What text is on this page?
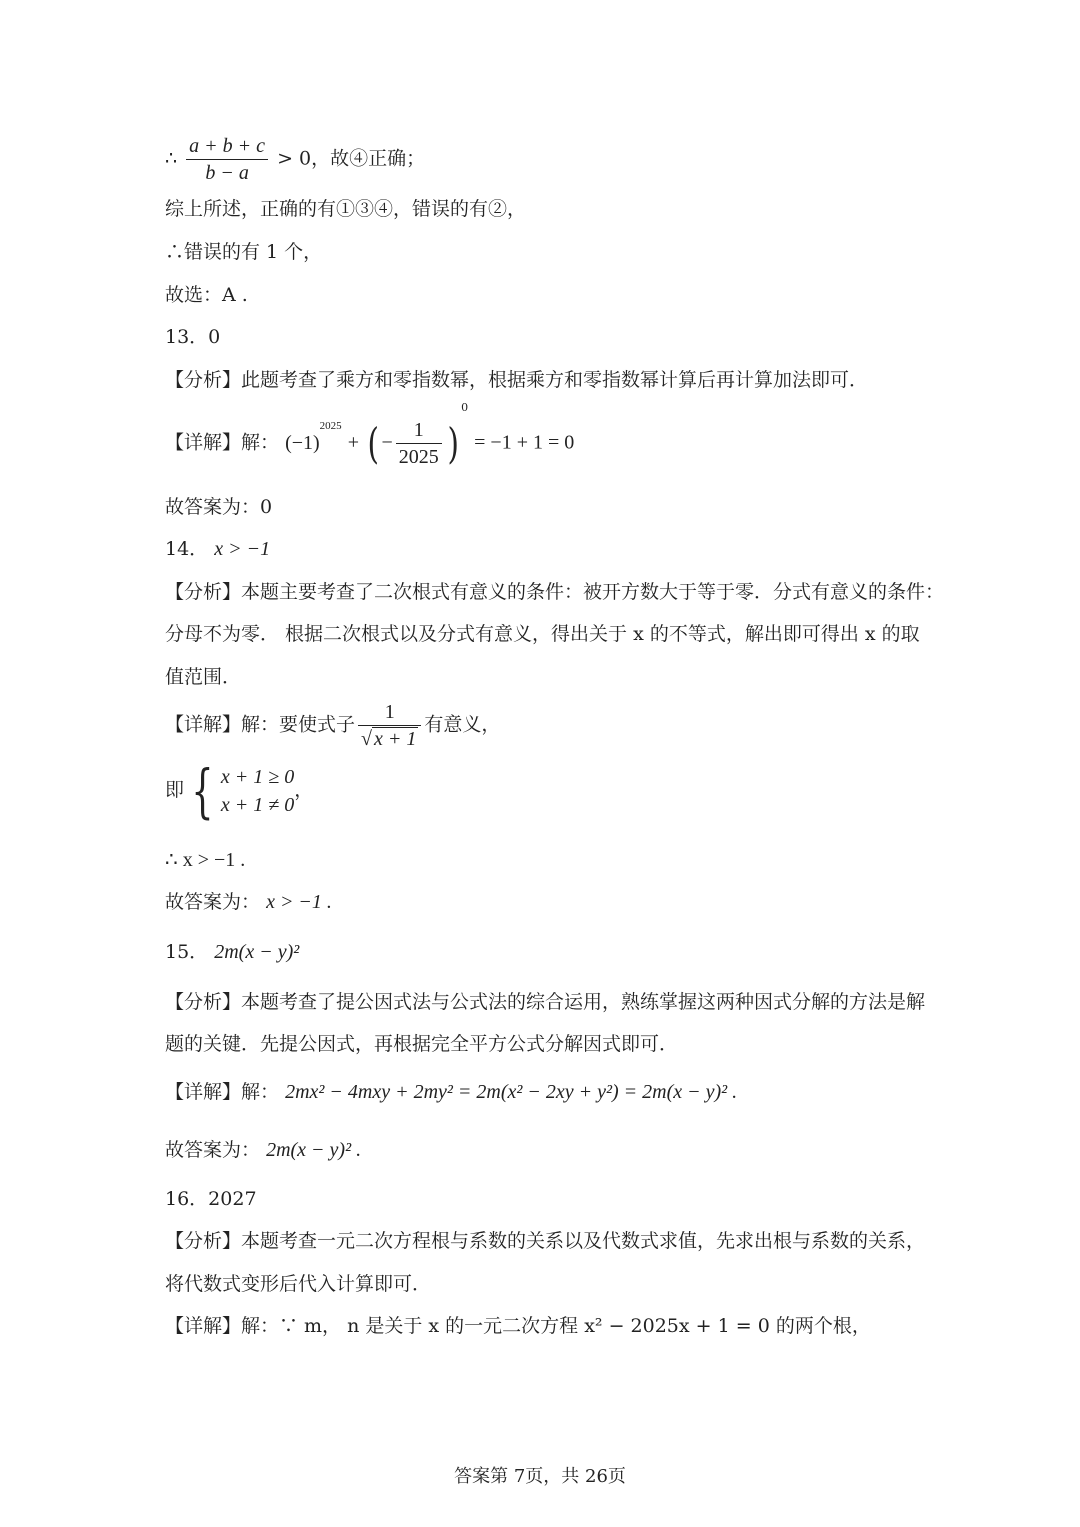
∴ $\frac{a + b + c}{b - a} > 0$，故④正确；
综上所述，正确的有①③④，错误的有②，
∴错误的有 1 个，
故选：A .
13．0
【分析】此题考查了乘方和零指数幂，根据乘方和零指数幂计算后再计算加法即可．
【详解】解： $(-1)^{2025}$ + ( − $\frac{1}{2025} )^0 = -1 + 1 = 0$
故答案为：0
14． x > −1
【分析】本题主要考查了二次根式有意义的条件：被开方数大于等于零．分式有意义的条件：
分母不为零． 根据二次根式以及分式有意义，得出关于 x 的不等式，解出即可得出 x 的取
值范围．
【详解】解：要使式子 $\frac{1}{√ x + 1}$ 有意义，
即 { x + 1 ≥ 0
x + 1 ≠ 0
，
∴ x > −1 .
故答案为： x > −1 .
15． 2m(x − y)²
【分析】本题考查了提公因式法与公式法的综合运用，熟练掌握这两种因式分解的方法是解
题的关键．先提公因式，再根据完全平方公式分解因式即可．
【详解】解： 2mx² − 4mxy + 2my² = 2m(x² − 2xy + y²) = 2m(x − y)² .
故答案为： 2m(x − y)² .
16．2027
【分析】本题考查一元二次方程根与系数的关系以及代数式求值，先求出根与系数的关系，
将代数式变形后代入计算即可．
【详解】解：∵ m， n 是关于 x 的一元二次方程 x² − 2025x + 1 = 0 的两个根，
答案第 7页，共 26页
